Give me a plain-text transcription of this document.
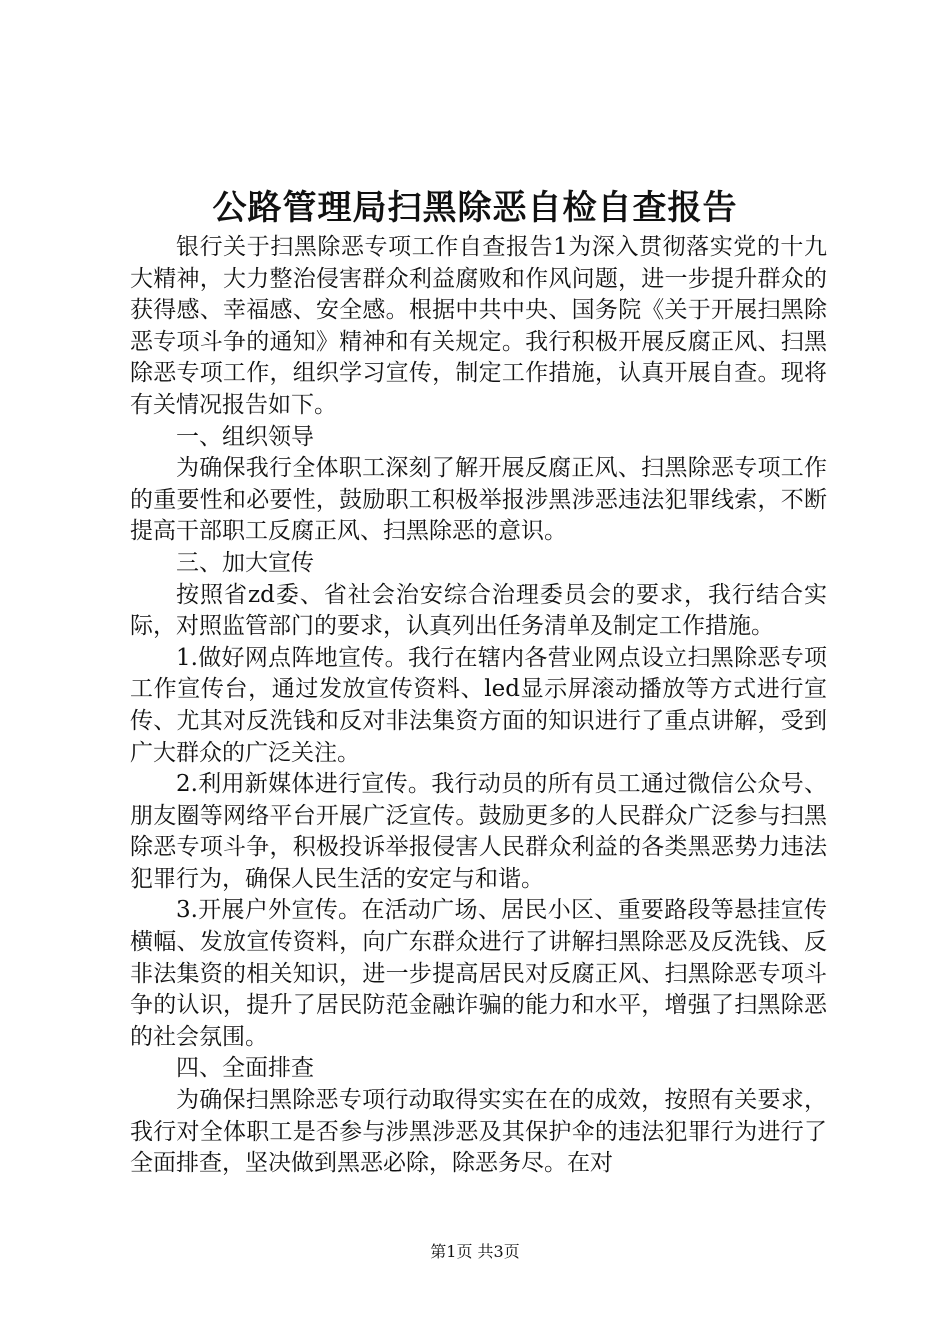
公路管理局扫黑除恶自检自查报告

银行关于扫黑除恶专项工作自查报告1为深入贯彻落实党的十九大精神，大力整治侵害群众利益腐败和作风问题，进一步提升群众的获得感、幸福感、安全感。根据中共中央、国务院《关于开展扫黑除恶专项斗争的通知》精神和有关规定。我行积极开展反腐正风、扫黑除恶专项工作，组织学习宣传，制定工作措施，认真开展自查。现将有关情况报告如下。

一、组织领导

为确保我行全体职工深刻了解开展反腐正风、扫黑除恶专项工作的重要性和必要性，鼓励职工积极举报涉黑涉恶违法犯罪线索，不断提高干部职工反腐正风、扫黑除恶的意识。

三、加大宣传

按照省zd委、省社会治安综合治理委员会的要求，我行结合实际，对照监管部门的要求，认真列出任务清单及制定工作措施。

1.做好网点阵地宣传。我行在辖内各营业网点设立扫黑除恶专项工作宣传台，通过发放宣传资料、led显示屏滚动播放等方式进行宣传、尤其对反洗钱和反对非法集资方面的知识进行了重点讲解，受到广大群众的广泛关注。

2.利用新媒体进行宣传。我行动员的所有员工通过微信公众号、朋友圈等网络平台开展广泛宣传。鼓励更多的人民群众广泛参与扫黑除恶专项斗争，积极投诉举报侵害人民群众利益的各类黑恶势力违法犯罪行为，确保人民生活的安定与和谐。

3.开展户外宣传。在活动广场、居民小区、重要路段等悬挂宣传横幅、发放宣传资料，向广东群众进行了讲解扫黑除恶及反洗钱、反非法集资的相关知识，进一步提高居民对反腐正风、扫黑除恶专项斗争的认识，提升了居民防范金融诈骗的能力和水平，增强了扫黑除恶的社会氛围。

四、全面排查

为确保扫黑除恶专项行动取得实实在在的成效，按照有关要求，我行对全体职工是否参与涉黑涉恶及其保护伞的违法犯罪行为进行了全面排查，坚决做到黑恶必除，除恶务尽。在对

第1页 共3页
